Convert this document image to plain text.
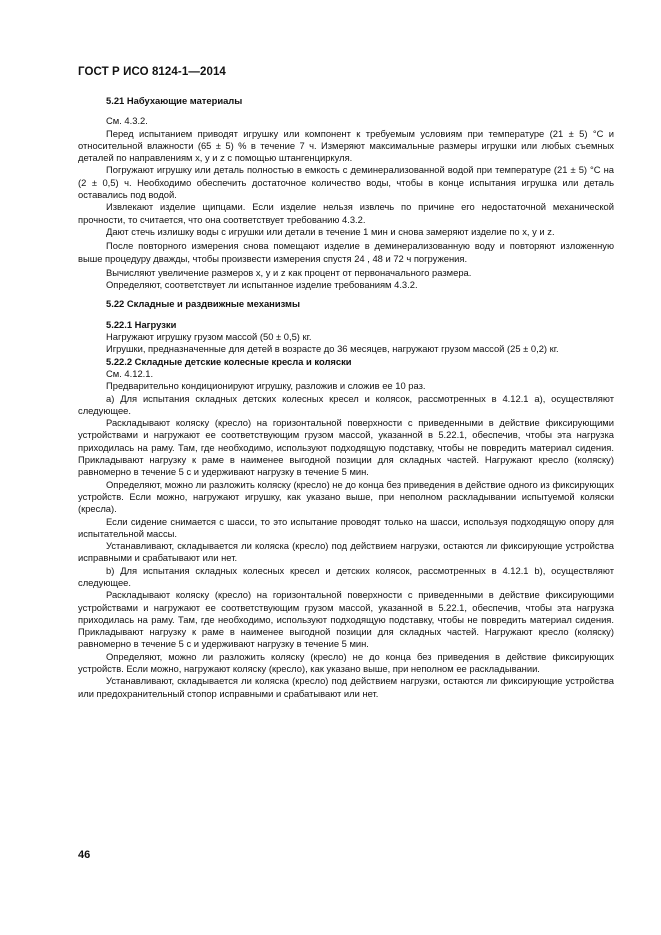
ГОСТ Р ИСО 8124-1—2014

5.21 Набухающие материалы

См. 4.3.2.

Перед испытанием приводят игрушку или компонент к требуемым условиям при температуре (21 ± 5) °С и относительной влажности (65 ± 5) % в течение 7 ч. Измеряют максимальные размеры игрушки или любых съемных деталей по направлениям x, y и z с помощью штангенциркуля.

Погружают игрушку или деталь полностью в емкость с деминерализованной водой при температуре (21 ± 5) °С на (2 ± 0,5) ч. Необходимо обеспечить достаточное количество воды, чтобы в конце испытания игрушка или деталь оставались под водой.

Извлекают изделие щипцами. Если изделие нельзя извлечь по причине его недостаточной механической прочности, то считается, что она соответствует требованию 4.3.2.

Дают стечь излишку воды с игрушки или детали в течение 1 мин и снова замеряют изделие по x, y и z.

После повторного измерения снова помещают изделие в деминерализованную воду и повторяют изложенную выше процедуру дважды, чтобы произвести измерения спустя 24 , 48 и 72 ч погружения.

Вычисляют увеличение размеров x, y и z как процент от первоначального размера.

Определяют, соответствует ли испытанное изделие требованиям 4.3.2.

5.22 Складные и раздвижные механизмы

5.22.1 Нагрузки

Нагружают игрушку грузом массой (50 ± 0,5) кг.

Игрушки, предназначенные для детей в возрасте до 36 месяцев, нагружают грузом массой (25 ± 0,2) кг.

5.22.2 Складные детские колесные кресла и коляски

См. 4.12.1.

Предварительно кондиционируют игрушку, разложив и сложив ее 10 раз.

a) Для испытания складных детских колесных кресел и колясок, рассмотренных в 4.12.1 a), осуществляют следующее.

Раскладывают коляску (кресло) на горизонтальной поверхности с приведенными в действие фиксирующими устройствами и нагружают ее соответствующим грузом массой, указанной в 5.22.1, обеспечив, чтобы эта нагрузка приходилась на раму. Там, где необходимо, используют подходящую подставку, чтобы не повредить материал сидения. Прикладывают нагрузку к раме в наименее выгодной позиции для складных частей. Нагружают кресло (коляску) равномерно в течение 5 с и удерживают нагрузку в течение 5 мин.

Определяют, можно ли разложить коляску (кресло) не до конца без приведения в действие одного из фиксирующих устройств. Если можно, нагружают игрушку, как указано выше, при неполном раскладывании испытуемой коляски (кресла).

Если сидение снимается с шасси, то это испытание проводят только на шасси, используя подходящую опору для испытательной массы.

Устанавливают, складывается ли коляска (кресло) под действием нагрузки, остаются ли фиксирующие устройства исправными и срабатывают или нет.

b) Для испытания складных колесных кресел и детских колясок, рассмотренных в 4.12.1 b), осуществляют следующее.

Раскладывают коляску (кресло) на горизонтальной поверхности с приведенными в действие фиксирующими устройствами и нагружают ее соответствующим грузом массой, указанной в 5.22.1, обеспечив, чтобы эта нагрузка приходилась на раму. Там, где необходимо, используют подходящую подставку, чтобы не повредить материал сидения. Прикладывают нагрузку к раме в наименее выгодной позиции для складных частей. Нагружают кресло (коляску) равномерно в течение 5 с и удерживают нагрузку в течение 5 мин.

Определяют, можно ли разложить коляску (кресло) не до конца без приведения в действие фиксирующих устройств. Если можно, нагружают коляску (кресло), как указано выше, при неполном ее раскладывании.

Устанавливают, складывается ли коляска (кресло) под действием нагрузки, остаются ли фиксирующие устройства или предохранительный стопор исправными и срабатывают или нет.

46
